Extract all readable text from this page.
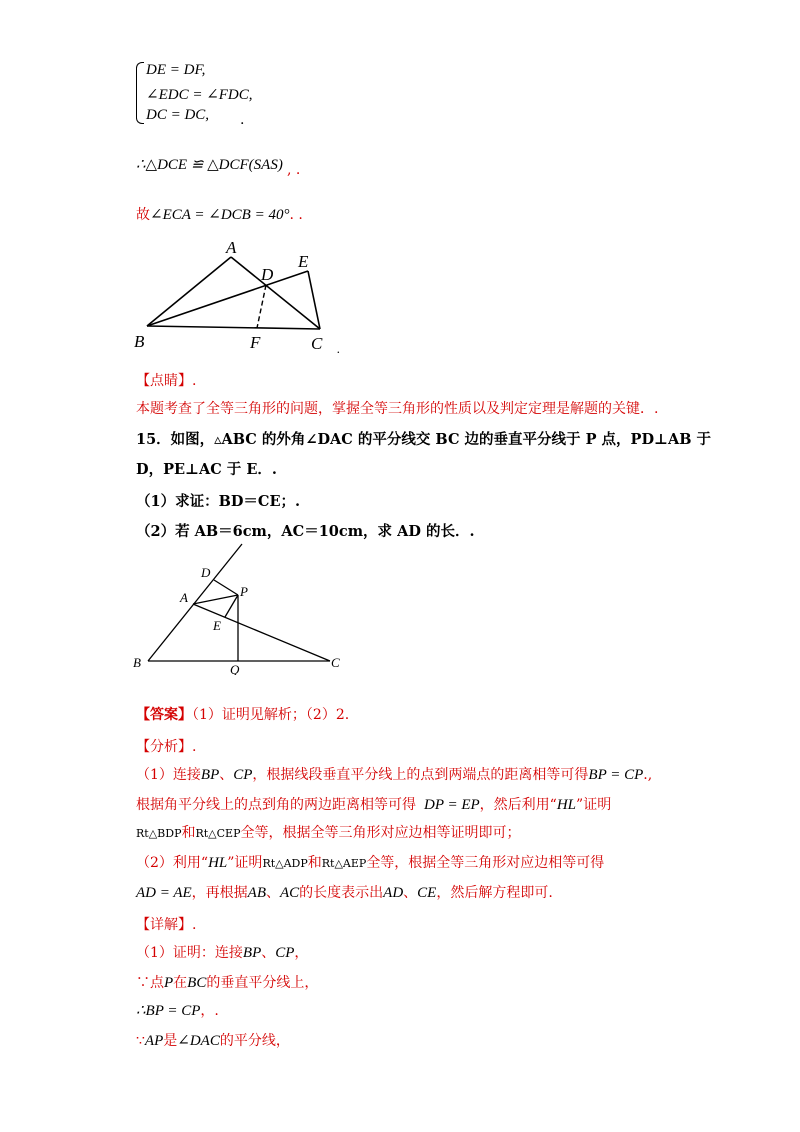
DE = DF,
∠EDC = ∠FDC,
DC = DC, .
∴△DCE ≌ △DCF(SAS) , .
故∠ECA = ∠DCB = 40°. .
A
B	C
D
E
F	.
【点睛】.
本题考查了全等三角形的问题，掌握全等三角形的性质以及判定定理是解题的关键．.
15．如图，▵ABC 的外角∠DAC 的平分线交 BC 边的垂直平分线于 P 点，PD⊥AB 于
D，PE⊥AC 于 E．.
（1）求证：BD＝CE；.
（2）若 AB＝6cm，AC＝10cm，求 AD 的长．.
D
A	P
E
B	Q	C
【答案】（1）证明见解析；（2）2.
【分析】.
（1）连接BP、CP，根据线段垂直平分线上的点到两端点的距离相等可得BP = CP.,
根据角平分线上的点到角的两边距离相等可得 DP = EP，然后利用“HL”证明
Rt△BDP和Rt△CEP全等，根据全等三角形对应边相等证明即可；
（2）利用“HL”证明Rt△ADP和Rt△AEP全等，根据全等三角形对应边相等可得
AD = AE，再根据AB、AC的长度表示出AD、CE，然后解方程即可.
【详解】.
（1）证明：连接BP、CP，
∵点P在BC的垂直平分线上，
∴BP = CP，.
∵AP是∠DAC的平分线，
